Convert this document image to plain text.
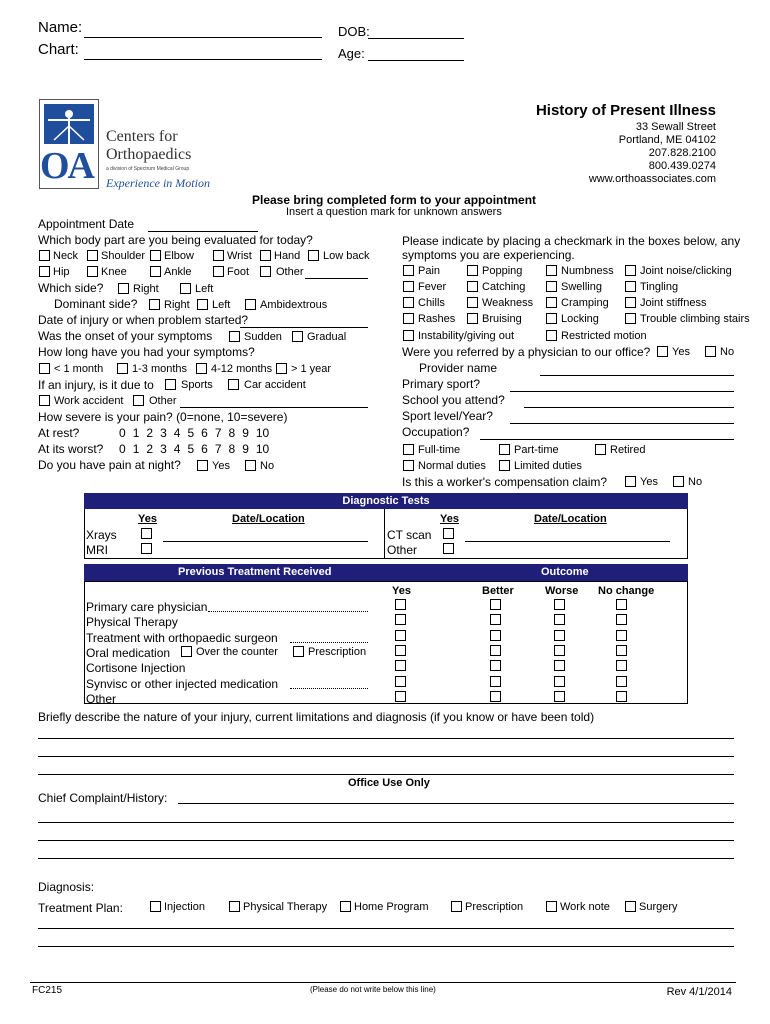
Name:
Chart:
DOB:
Age:
OA
Centers for
Orthopaedics
a division of Spectrum Medical Group
Experience in Motion
History of Present Illness
33 Sewall Street
Portland, ME 04102
207.828.2100
800.439.0274
www.orthoassociates.com
Please bring completed form to your appointment
Insert a question mark for unknown answers
Appointment Date
Which body part are you being evaluated for today?
Neck Shoulder Elbow	Wrist Hand Low back
Hip	Knee	Ankle	Foot Other
Which side?	Right	Left
Dominant side? Right Left	Ambidextrous
Date of injury or when problem started?
Was the onset of your symptoms	Sudden Gradual
How long have you had your symptoms?
< 1 month	1-3 months 4-12 months > 1 year
If an injury, is it due to Sports	Car accident
Work accident Other
How severe is your pain? (0=none, 10=severe)
At rest?
At its worst?
0 1 2 3 4 5 6 7 8 9 10
0 1 2 3 4 5 6 7 8 9 10
Do you have pain at night?	Yes	No
Please indicate by placing a checkmark in the boxes below, any
symptoms you are experiencing.
Pain	Popping	Numbness Joint noise/clicking
Fever	Catching	Swelling	Tingling
Chills	Weakness	Cramping	Joint stiffness
Rashes Bruising	Locking	Trouble climbing stairs
Instability/giving out	Restricted motion
Were you referred by a physician to our office? Yes	No
Provider name
Primary sport?
School you attend?
Sport level/Year?
Occupation?
Full-time	Part-time	Retired
Normal duties	Limited duties
Is this a worker's compensation claim?	Yes	No
Diagnostic Tests
Yes	Date/Location	Yes	Date/Location
Xrays
MRI
CT scan
Other
Previous Treatment Received	Outcome
Yes	Better	Worse No change
Primary care physician
Physical Therapy
Treatment with orthopaedic surgeon
Oral medication
Cortisone Injection
Synvisc or other injected medication
Other
Over the counter	Prescription
Briefly describe the nature of your injury, current limitations and diagnosis (if you know or have been told)
Office Use Only
Chief Complaint/History:
Diagnosis:
Treatment Plan:	Injection	Physical Therapy Home Program	Prescription	Work note	Surgery
FC215	(Please do not write below this line)	Rev 4/1/2014
